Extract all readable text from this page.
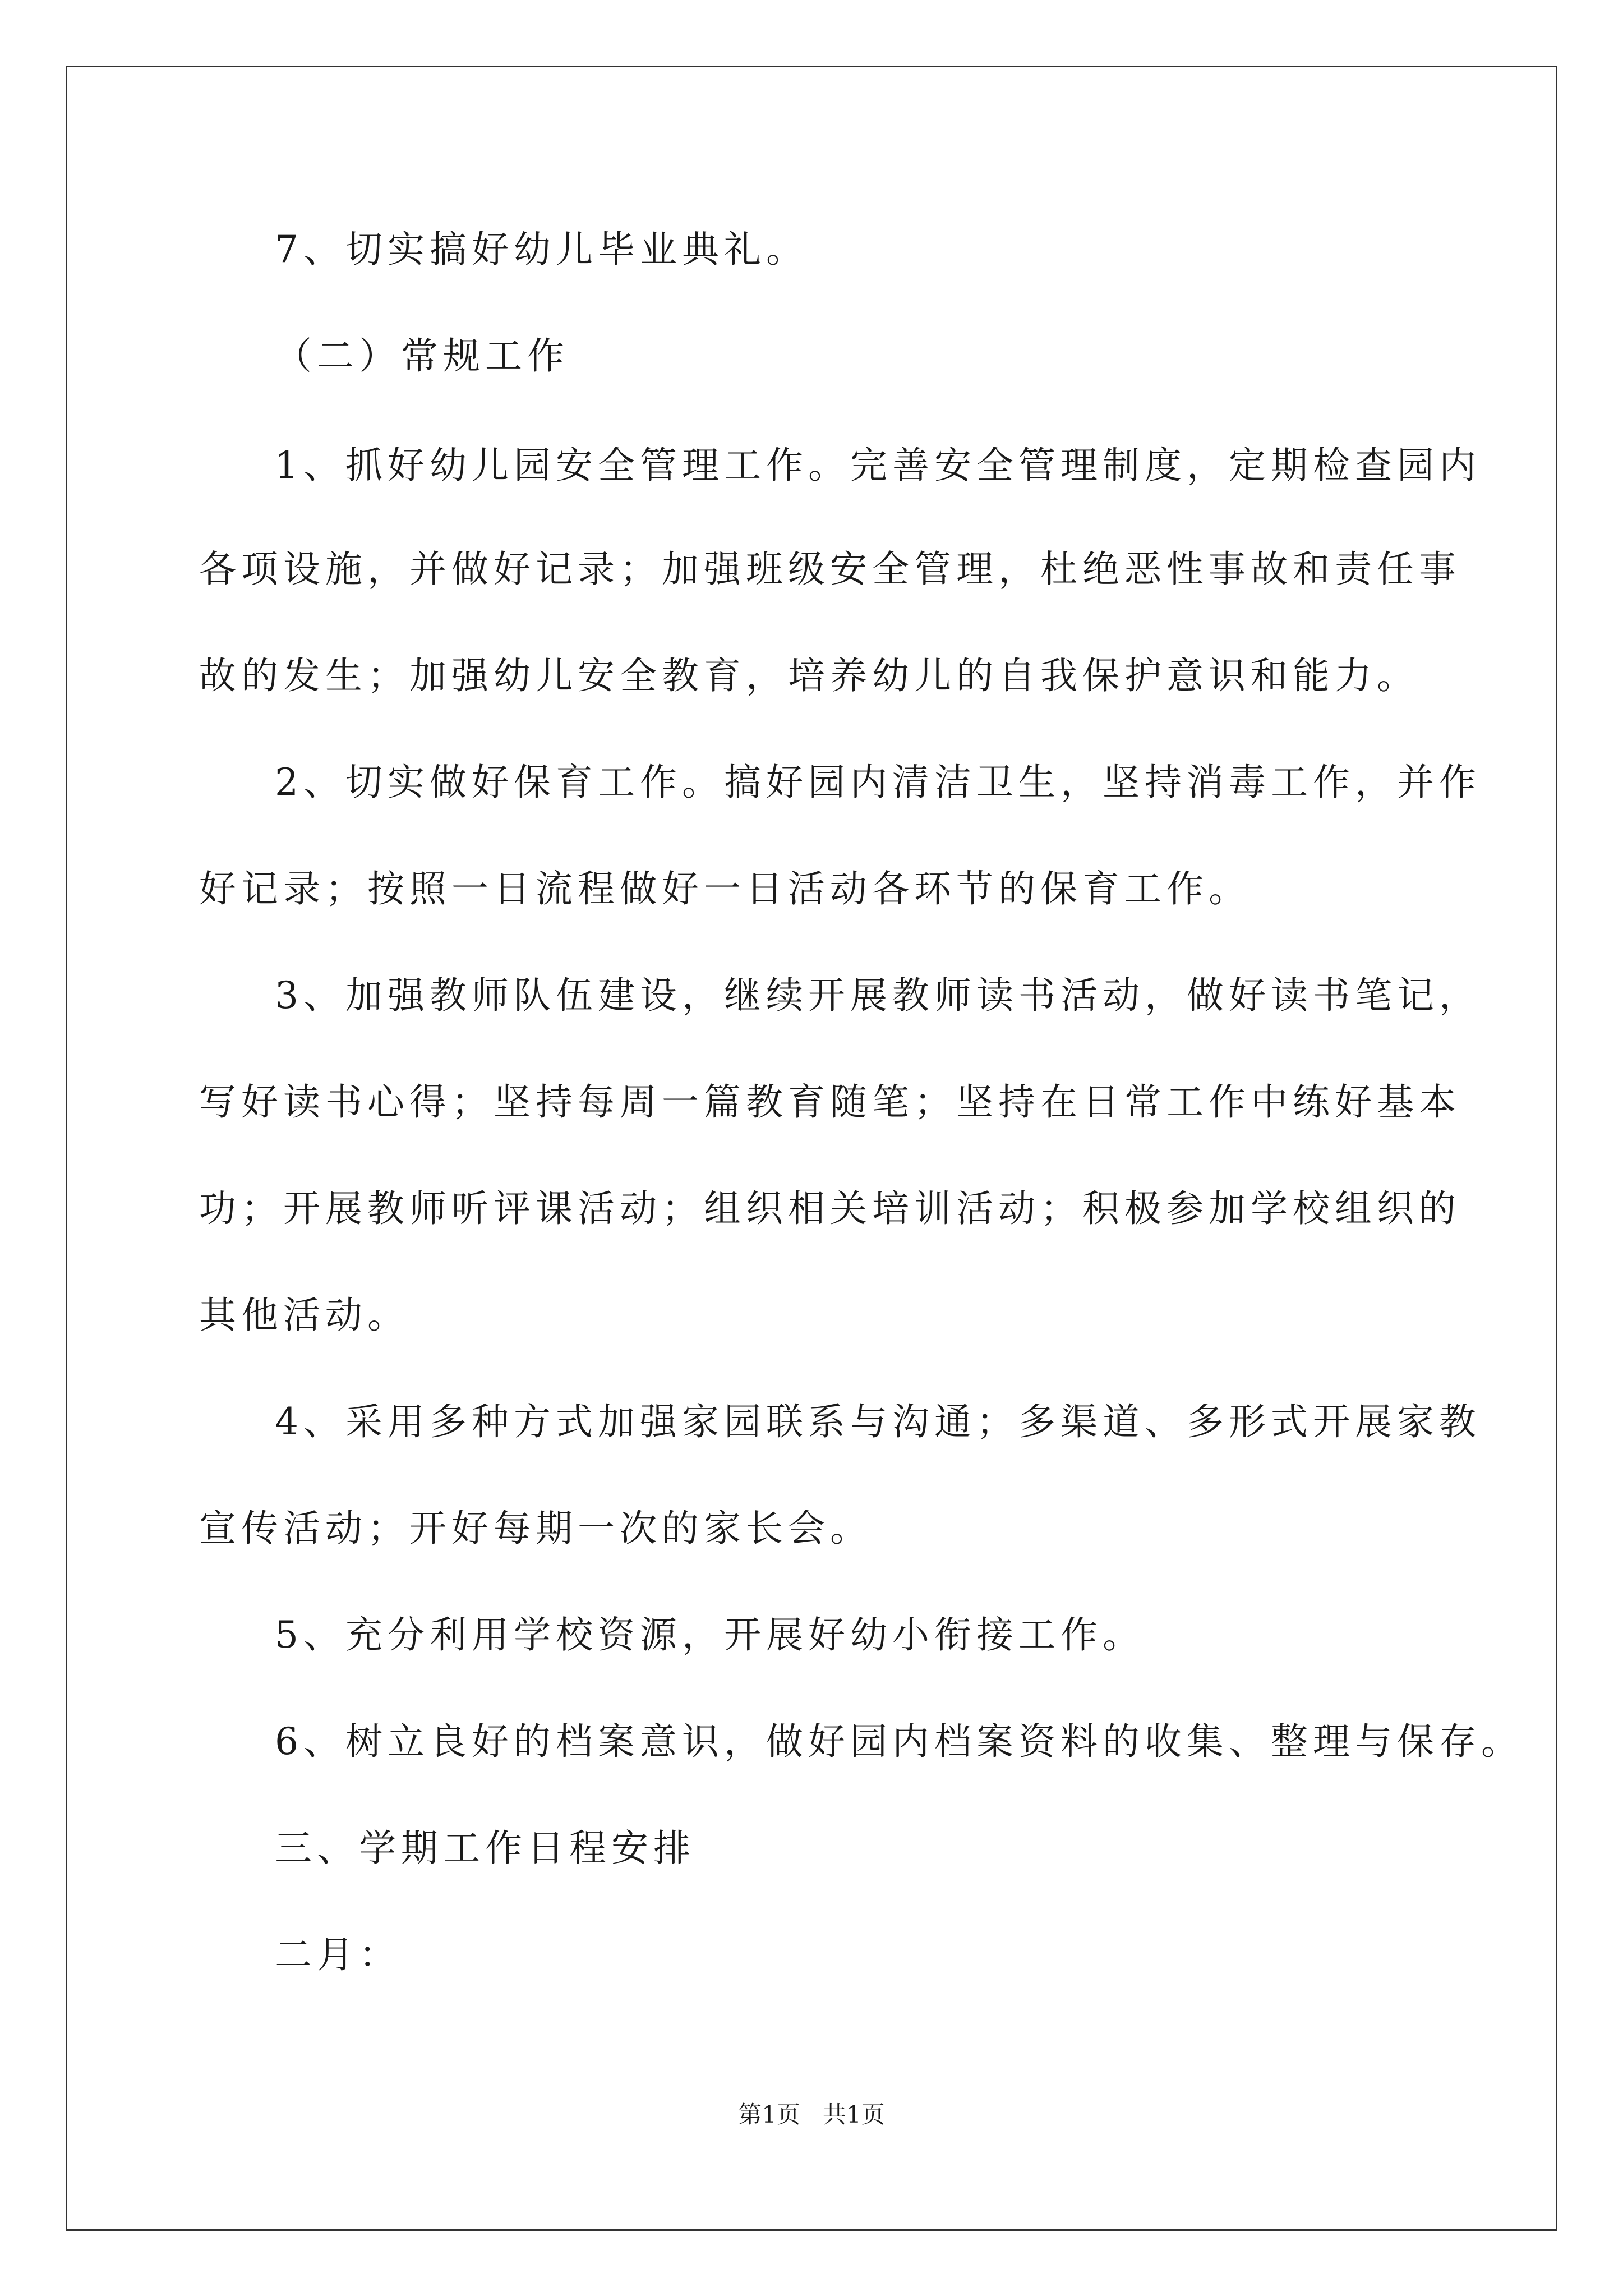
7、切实搞好幼儿毕业典礼。
（二）常规工作
1、抓好幼儿园安全管理工作。完善安全管理制度，定期检查园内
各项设施，并做好记录；加强班级安全管理，杜绝恶性事故和责任事
故的发生；加强幼儿安全教育，培养幼儿的自我保护意识和能力。
2、切实做好保育工作。搞好园内清洁卫生，坚持消毒工作，并作
好记录；按照一日流程做好一日活动各环节的保育工作。
3、加强教师队伍建设，继续开展教师读书活动，做好读书笔记，
写好读书心得；坚持每周一篇教育随笔；坚持在日常工作中练好基本
功；开展教师听评课活动；组织相关培训活动；积极参加学校组织的
其他活动。
4、采用多种方式加强家园联系与沟通；多渠道、多形式开展家教
宣传活动；开好每期一次的家长会。
5、充分利用学校资源，开展好幼小衔接工作。
6、树立良好的档案意识，做好园内档案资料的收集、整理与保存。
三、学期工作日程安排
二月：
第1页   共1页
